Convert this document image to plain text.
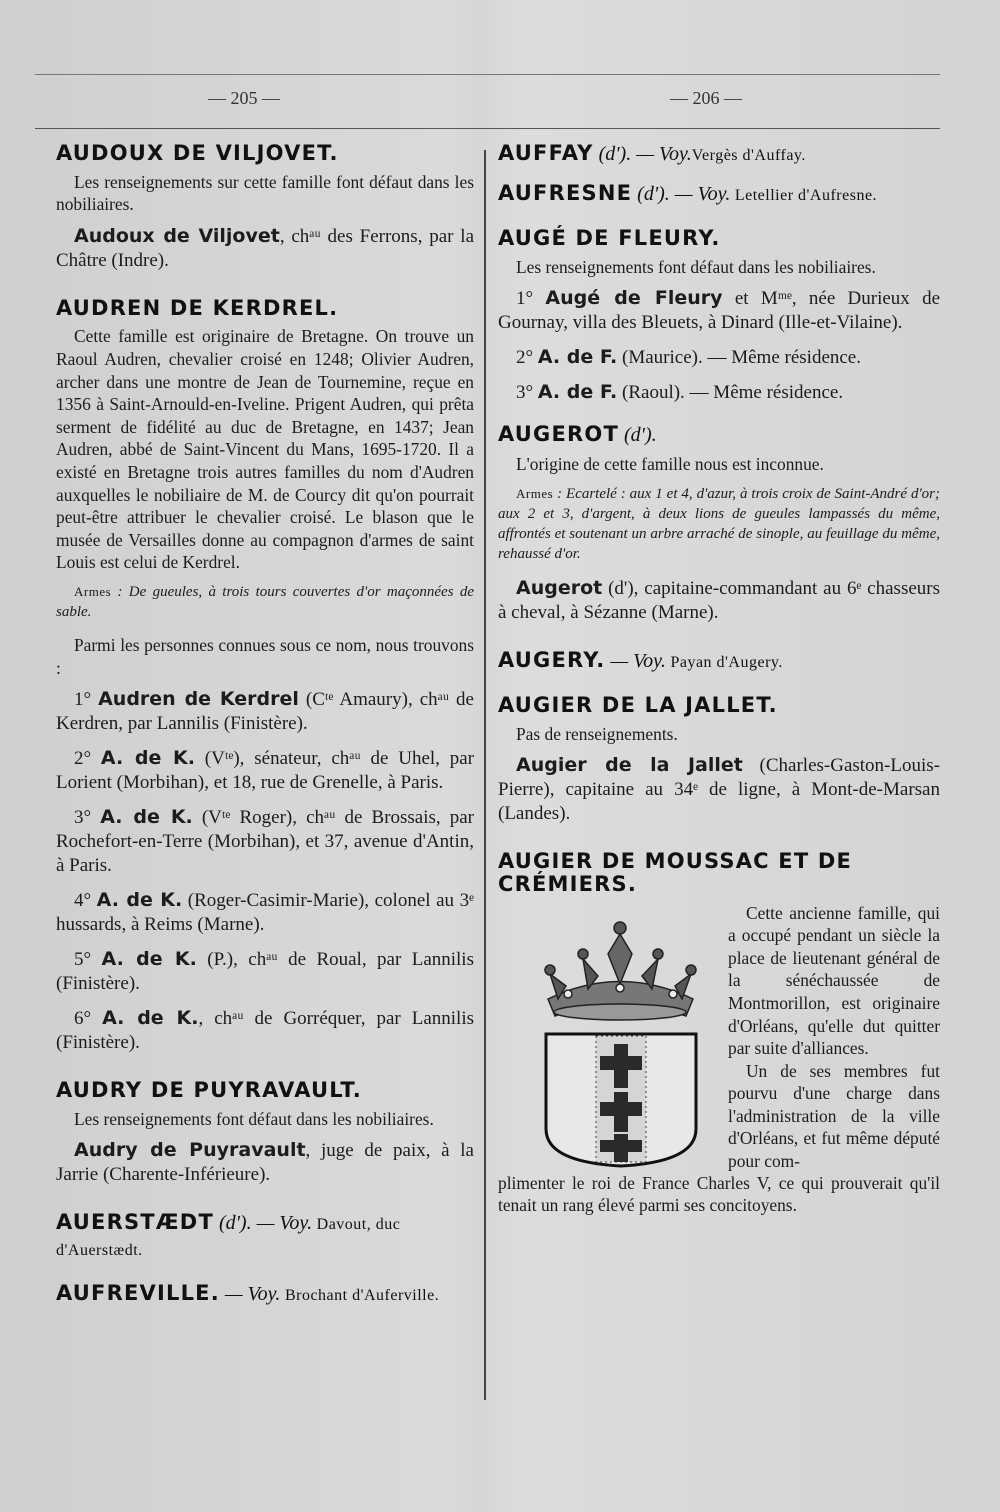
— 205 —	— 206 —
AUDOUX DE VILJOVET.
Les renseignements sur cette famille font défaut dans les nobiliaires.
Audoux de Viljovet, chᵃᵘ des Ferrons, par la Châtre (Indre).
AUDREN DE KERDREL.
Cette famille est originaire de Bretagne. On trouve un Raoul Audren, chevalier croisé en 1248; Olivier Audren, archer dans une montre de Jean de Tournemine, reçue en 1356 à Saint-Arnould-en-Iveline. Prigent Audren, qui prêta serment de fidélité au duc de Bretagne, en 1437; Jean Audren, abbé de Saint-Vincent du Mans, 1695-1720. Il a existé en Bretagne trois autres familles du nom d'Audren auxquelles le nobiliaire de M. de Courcy dit qu'on pourrait peut-être attribuer le chevalier croisé. Le blason que le musée de Versailles donne au compagnon d'armes de saint Louis est celui de Kerdrel.
Armes : De gueules, à trois tours couvertes d'or maçonnées de sable.
Parmi les personnes connues sous ce nom, nous trouvons :
1° Audren de Kerdrel (Cᵗᵉ Amaury), chᵃᵘ de Kerdren, par Lannilis (Finistère).
2° A. de K. (Vᵗᵉ), sénateur, chᵃᵘ de Uhel, par Lorient (Morbihan), et 18, rue de Grenelle, à Paris.
3° A. de K. (Vᵗᵉ Roger), chᵃᵘ de Brossais, par Rochefort-en-Terre (Morbihan), et 37, avenue d'Antin, à Paris.
4° A. de K. (Roger-Casimir-Marie), colonel au 3ᵉ hussards, à Reims (Marne).
5° A. de K. (P.), chᵃᵘ de Roual, par Lannilis (Finistère).
6° A. de K., chᵃᵘ de Gorréquer, par Lannilis (Finistère).
AUDRY DE PUYRAVAULT.
Les renseignements font défaut dans les nobiliaires.
Audry de Puyravault, juge de paix, à la Jarrie (Charente-Inférieure).
AUERSTÆDT (d'). — Voy. Davout, duc d'Auerstædt.
AUFREVILLE. — Voy. Brochant d'Auferville.
AUFFAY (d'). — Voy.Vergès d'Auffay.
AUFRESNE (d'). — Voy. Letellier d'Aufresne.
AUGÉ DE FLEURY.
Les renseignements font défaut dans les nobiliaires.
1° Augé de Fleury et Mᵐᵉ, née Durieux de Gournay, villa des Bleuets, à Dinard (Ille-et-Vilaine).
2° A. de F. (Maurice). — Même résidence.
3° A. de F. (Raoul). — Même résidence.
AUGEROT (d').
L'origine de cette famille nous est inconnue.
Armes : Ecartelé : aux 1 et 4, d'azur, à trois croix de Saint-André d'or; aux 2 et 3, d'argent, à deux lions de gueules lampassés du même, affrontés et soutenant un arbre arraché de sinople, au feuillage du même, rehaussé d'or.
Augerot (d'), capitaine-commandant au 6ᵉ chasseurs à cheval, à Sézanne (Marne).
AUGERY. — Voy. Payan d'Augery.
AUGIER DE LA JALLET.
Pas de renseignements.
Augier de la Jallet (Charles-Gaston-Louis-Pierre), capitaine au 34ᵉ de ligne, à Mont-de-Marsan (Landes).
AUGIER DE MOUSSAC ET DE CRÉMIERS.

Cette ancienne famille, qui a occupé pendant un siècle la place de lieutenant général de la sénéchaussée de Montmorillon, est originaire d'Orléans, qu'elle dut quitter par suite d'alliances.

Un de ses membres fut pourvu d'une charge dans l'administration de la ville d'Orléans, et fut même député pour com-

plimenter le roi de France Charles V, ce qui prouverait qu'il tenait un rang élevé parmi ses concitoyens.
